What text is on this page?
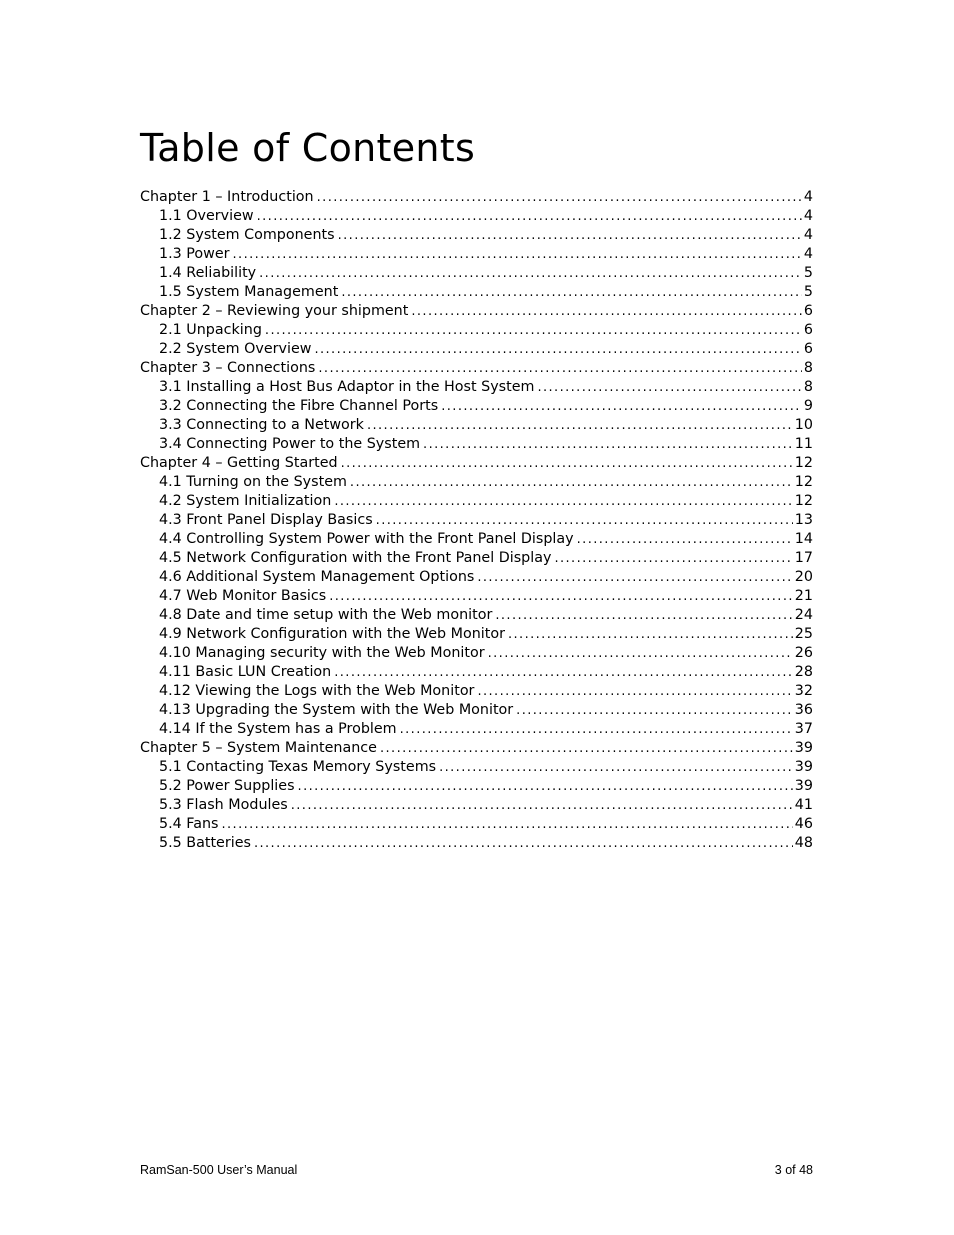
Table of Contents
Chapter 1 – Introduction .....	4
1.1 Overview .....	4
1.2 System Components .....	4
1.3 Power .....	4
1.4 Reliability .....	5
1.5 System Management .....	5
Chapter 2 – Reviewing your shipment .....	6
2.1 Unpacking .....	6
2.2 System Overview .....	6
Chapter 3 – Connections .....	8
3.1 Installing a Host Bus Adaptor in the Host System .....	8
3.2 Connecting the Fibre Channel Ports .....	9
3.3 Connecting to a Network .....	10
3.4 Connecting Power to the System .....	11
Chapter 4 – Getting Started .....	12
4.1 Turning on the System .....	12
4.2 System Initialization .....	12
4.3 Front Panel Display Basics .....	13
4.4 Controlling System Power with the Front Panel Display .....	14
4.5 Network Configuration with the Front Panel Display .....	17
4.6 Additional System Management Options .....	20
4.7 Web Monitor Basics .....	21
4.8 Date and time setup with the Web monitor .....	24
4.9 Network Configuration with the Web Monitor .....	25
4.10 Managing security with the Web Monitor .....	26
4.11 Basic LUN Creation .....	28
4.12 Viewing the Logs with the Web Monitor .....	32
4.13 Upgrading the System with the Web Monitor .....	36
4.14 If the System has a Problem .....	37
Chapter 5 – System Maintenance .....	39
5.1 Contacting Texas Memory Systems .....	39
5.2 Power Supplies .....	39
5.3 Flash Modules .....	41
5.4 Fans .....	46
5.5 Batteries .....	48
RamSan-500 User’s Manual	3 of 48
